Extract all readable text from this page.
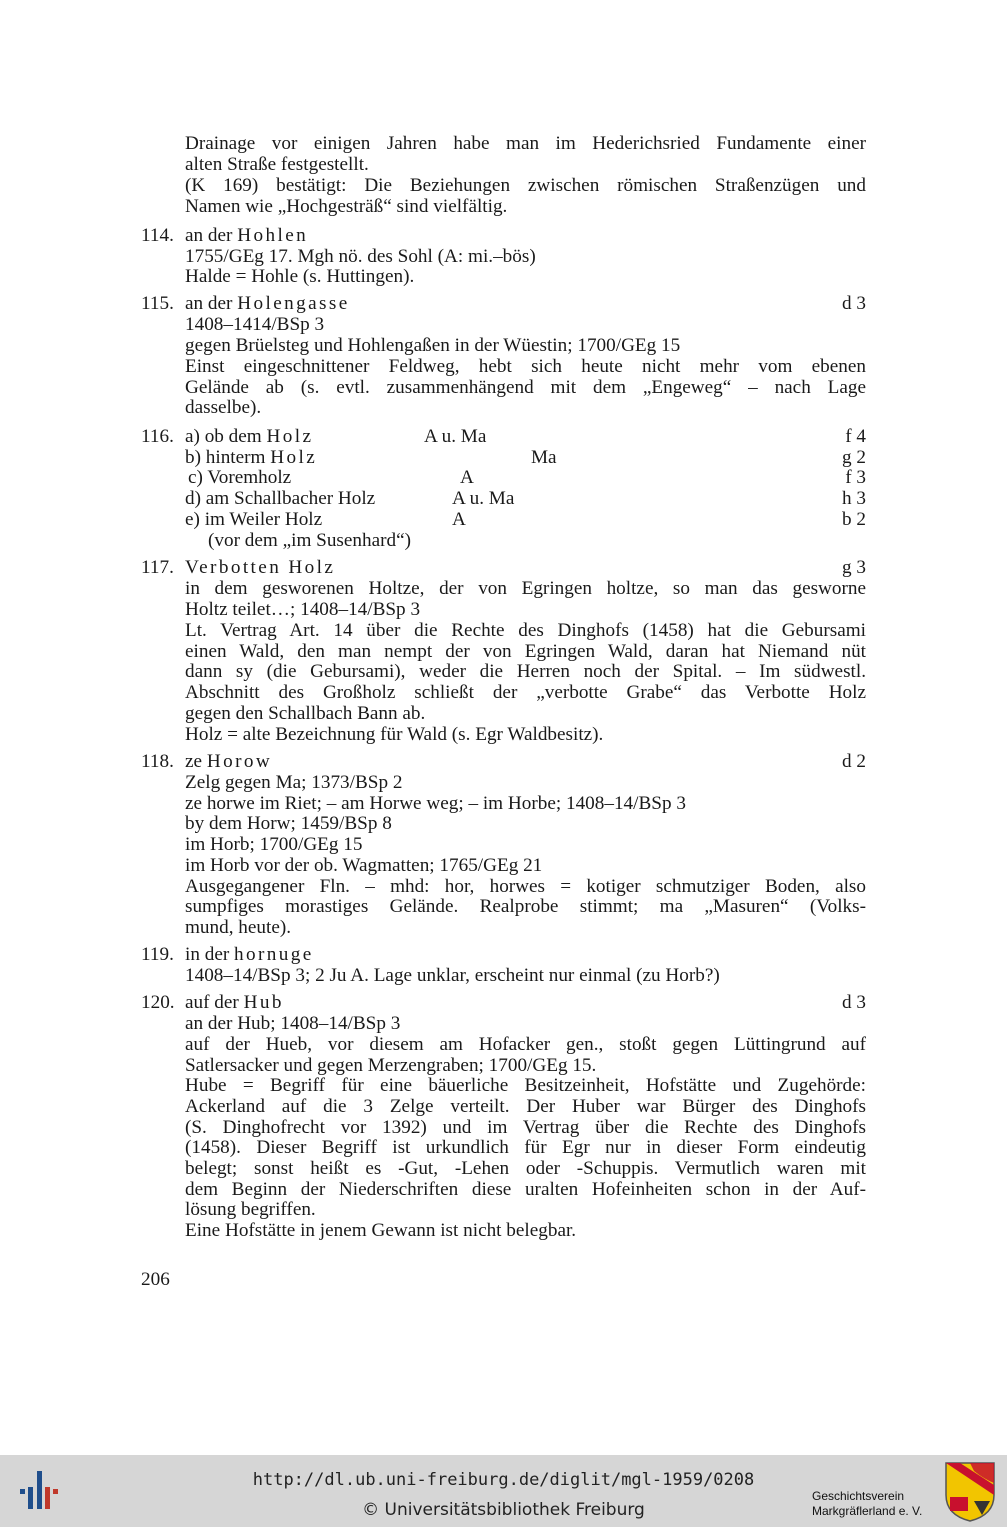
Drainage vor einigen Jahren habe man im Hederichsried Fundamente einer
alten Straße festgestellt.
(K 169) bestätigt: Die Beziehungen zwischen römischen Straßenzügen und
Namen wie „Hochgesträß“ sind vielfältig.
114. an der Hohlen
1755/GEg 17. Mgh nö. des Sohl (A: mi.–bös)
Halde = Hohle (s. Huttingen).
115. an der Holengasse	d 3
1408–1414/BSp 3
gegen Brüelsteg und Hohlengaßen in der Wüestin; 1700/GEg 15
Einst eingeschnittener Feldweg, hebt sich heute nicht mehr vom ebenen
Gelände ab (s. evtl. zusammenhängend mit dem „Engeweg“ – nach Lage
dasselbe).
116. a) ob dem Holz	A u. Ma	f 4
b) hinterm Holz	Ma	g 2
c) Voremholz	A	f 3
d) am Schallbacher Holz	A u. Ma	h 3
e) im Weiler Holz	A	b 2
(vor dem „im Susenhard“)
117. Verbotten Holz	g 3
in dem gesworenen Holtze, der von Egringen holtze, so man das gesworne
Holtz teilet…; 1408–14/BSp 3
Lt. Vertrag Art. 14 über die Rechte des Dinghofs (1458) hat die Gebursami
einen Wald, den man nempt der von Egringen Wald, daran hat Niemand nüt
dann sy (die Gebursami), weder die Herren noch der Spital. – Im südwestl.
Abschnitt des Großholz schließt der „verbotte Grabe“ das Verbotte Holz
gegen den Schallbach Bann ab.
Holz = alte Bezeichnung für Wald (s. Egr Waldbesitz).
118. ze Horow	d 2
Zelg gegen Ma; 1373/BSp 2
ze horwe im Riet; – am Horwe weg; – im Horbe; 1408–14/BSp 3
by dem Horw; 1459/BSp 8
im Horb; 1700/GEg 15
im Horb vor der ob. Wagmatten; 1765/GEg 21
Ausgegangener Fln. – mhd: hor, horwes = kotiger schmutziger Boden, also
sumpfiges morastiges Gelände. Realprobe stimmt; ma „Masuren“ (Volks-
mund, heute).
119. in der hornuge
1408–14/BSp 3; 2 Ju A. Lage unklar, erscheint nur einmal (zu Horb?)
120. auf der Hub	d 3
an der Hub; 1408–14/BSp 3
auf der Hueb, vor diesem am Hofacker gen., stoßt gegen Lüttingrund auf
Satlersacker und gegen Merzengraben; 1700/GEg 15.
Hube = Begriff für eine bäuerliche Besitzeinheit, Hofstätte und Zugehörde:
Ackerland auf die 3 Zelge verteilt. Der Huber war Bürger des Dinghofs
(S. Dinghofrecht vor 1392) und im Vertrag über die Rechte des Dinghofs
(1458). Dieser Begriff ist urkundlich für Egr nur in dieser Form eindeutig
belegt; sonst heißt es -Gut, -Lehen oder -Schuppis. Vermutlich waren mit
dem Beginn der Niederschriften diese uralten Hofeinheiten schon in der Auf-
lösung begriffen.
Eine Hofstätte in jenem Gewann ist nicht belegbar.
206
http://dl.ub.uni-freiburg.de/diglit/mgl-1959/0208
© Universitätsbibliothek Freiburg
Geschichtsverein
Markgräflerland e. V.
